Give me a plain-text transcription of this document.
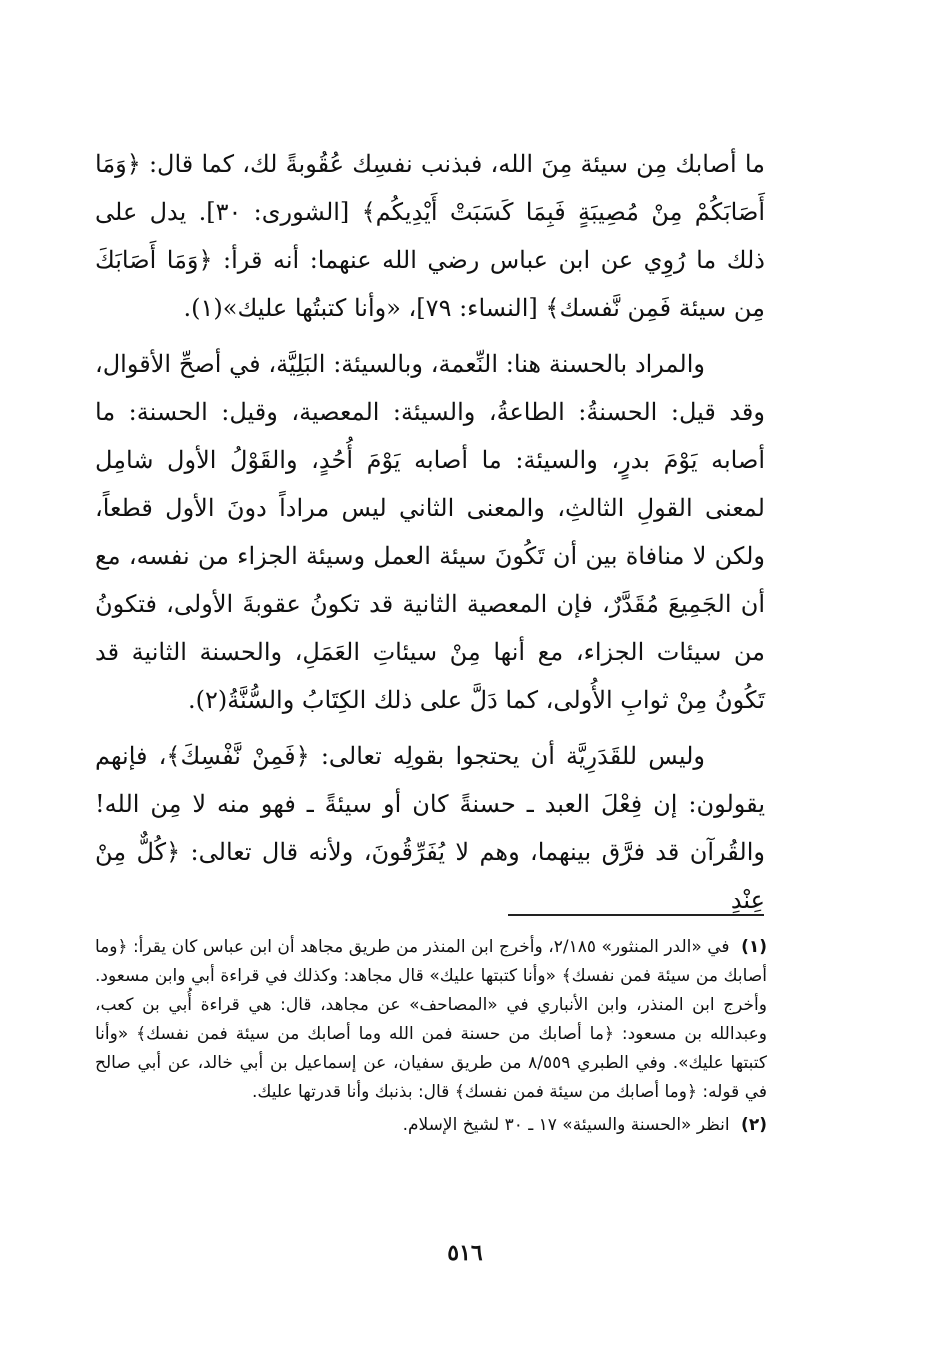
ما أصابك مِن سيئة مِنَ الله، فبذنب نفسِك عُقُوبةً لك، كما قال: ﴿وَمَا أَصَابَكُمْ مِنْ مُصِيبَةٍ فَبِمَا كَسَبَتْ أَيْدِيكُم﴾ [الشورى: ٣٠]. يدل على ذلك ما رُوِي عن ابن عباس رضي الله عنهما: أنه قرأ: ﴿وَمَا أَصَابَكَ مِن سيئة فَمِن نَّفسك﴾ [النساء: ٧٩]، «وأنا كتبتُها عليك»(١).

والمراد بالحسنة هنا: النِّعمة، وبالسيئة: البَلِيَّة، في أصحِّ الأقوال، وقد قيل: الحسنةُ: الطاعةُ، والسيئة: المعصية، وقيل: الحسنة: ما أصابه يَوْمَ بدرٍ، والسيئة: ما أصابه يَوْمَ أُحُدٍ، والقَوْلُ الأول شامِل لمعنى القولِ الثالثِ، والمعنى الثاني ليس مراداً دونَ الأول قطعاً، ولكن لا منافاة بين أن تَكُونَ سيئة العمل وسيئة الجزاء من نفسه، مع أن الجَمِيعَ مُقَدَّرٌ، فإن المعصية الثانية قد تكونُ عقوبةَ الأولى، فتكونُ من سيئات الجزاء، مع أنها مِنْ سيئاتِ العَمَلِ، والحسنة الثانية قد تَكُونُ مِنْ ثوابِ الأُولى، كما دَلَّ على ذلك الكِتَابُ والسُّنَّةُ(٢).

وليس للقَدَرِيَّة أن يحتجوا بقولِه تعالى: ﴿فَمِنْ نَّفْسِكَ﴾، فإنهم يقولون: إن فِعْلَ العبد ـ حسنةً كان أو سيئةً ـ فهو منه لا مِن الله! والقُرآن قد فرَّق بينهما، وهم لا يُفَرِّقُونَ، ولأنه قال تعالى: ﴿كُلٌّ مِنْ عِنْدِ

(١) في «الدر المنثور» ٢/١٨٥، وأخرج ابن المنذر من طريق مجاهد أن ابن عباس كان يقرأ: ﴿وما أصابك من سيئة فمن نفسك﴾ «وأنا كتبتها عليك» قال مجاهد: وكذلك في قراءة أبي وابن مسعود. وأخرج ابن المنذر، وابن الأنباري في «المصاحف» عن مجاهد، قال: هي قراءة أُبي بن كعب، وعبدالله بن مسعود: ﴿ما أصابك من حسنة فمن الله وما أصابك من سيئة فمن نفسك﴾ «وأنا كتبتها عليك». وفي الطبري ٨/٥٥٩ من طريق سفيان، عن إسماعيل بن أبي خالد، عن أبي صالح في قوله: ﴿وما أصابك من سيئة فمن نفسك﴾ قال: بذنبك وأنا قدرتها عليك.

(٢) انظر «الحسنة والسيئة» ١٧ ـ ٣٠ لشيخ الإسلام.

٥١٦
